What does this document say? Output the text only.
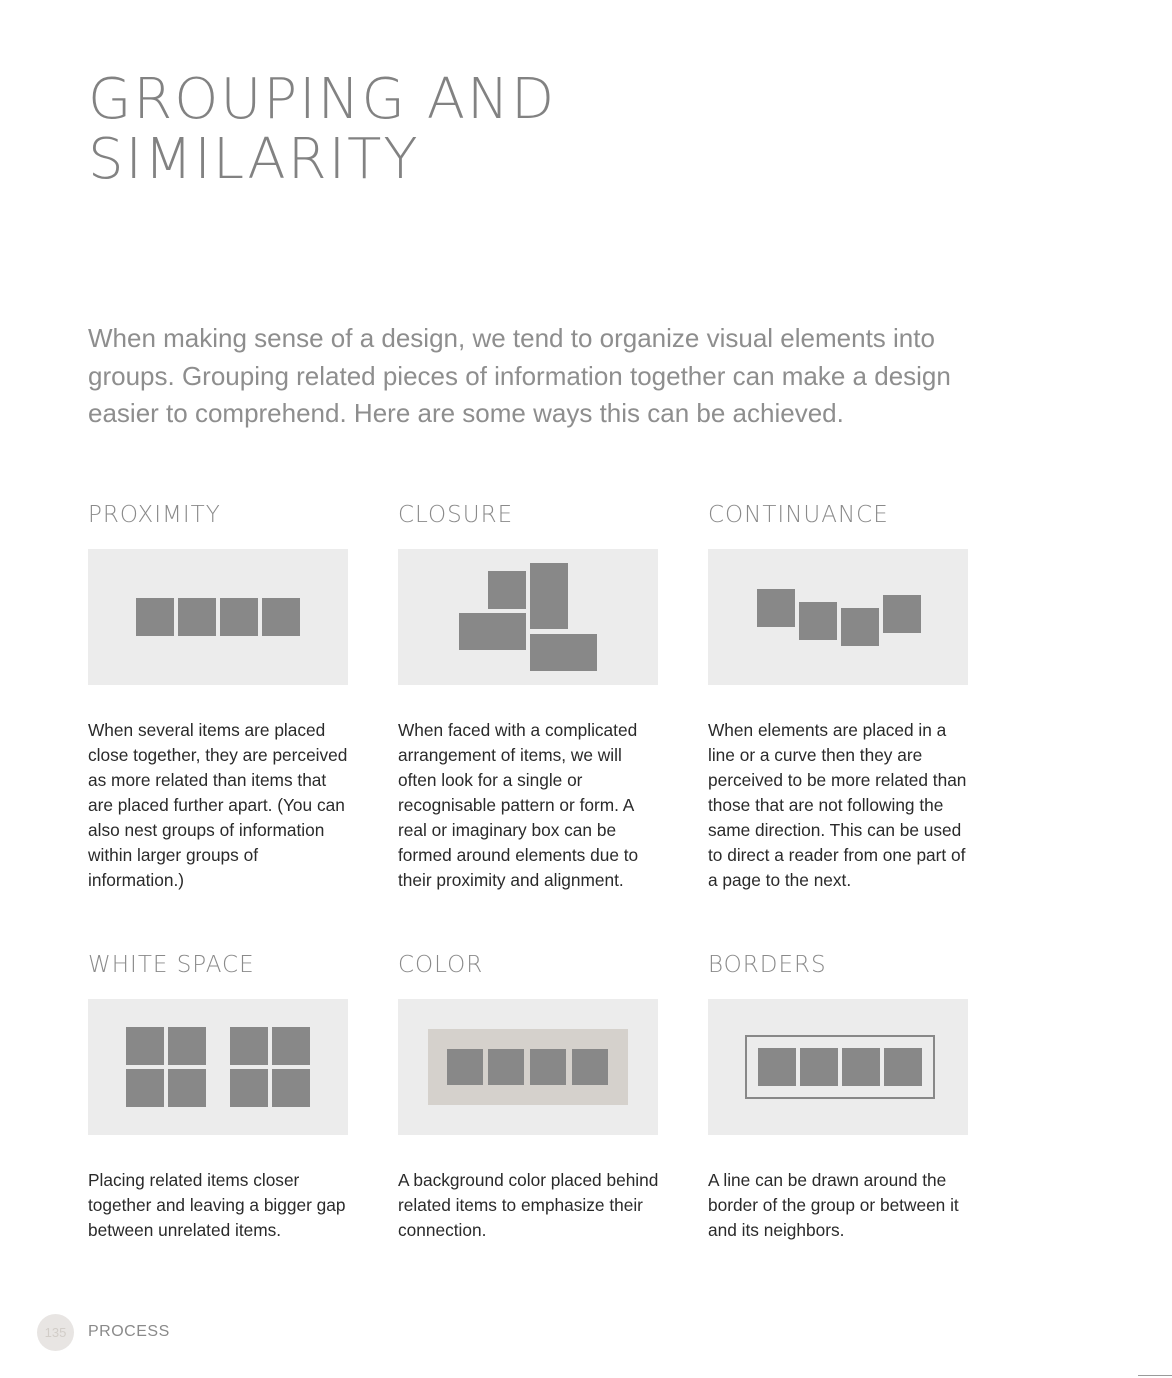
GROUPING AND
SIMILARITY

When making sense of a design, we tend to organize visual elements into groups. Grouping related pieces of information together can make a design easier to comprehend. Here are some ways this can be achieved.

PROXIMITY

When several items are placed close together, they are perceived as more related than items that are placed further apart. (You can also nest groups of information within larger groups of information.)

CLOSURE

When faced with a complicated arrangement of items, we will often look for a single or recognisable pattern or form. A real or imaginary box can be formed around elements due to their proximity and alignment.

CONTINUANCE

When elements are placed in a line or a curve then they are perceived to be more related than those that are not following the same direction. This can be used to direct a reader from one part of a page to the next.

WHITE SPACE

Placing related items closer together and leaving a bigger gap between unrelated items.

COLOR

A background color placed behind related items to emphasize their connection.

BORDERS

A line can be drawn around the border of the group or between it and its neighbors.

135	PROCESS
